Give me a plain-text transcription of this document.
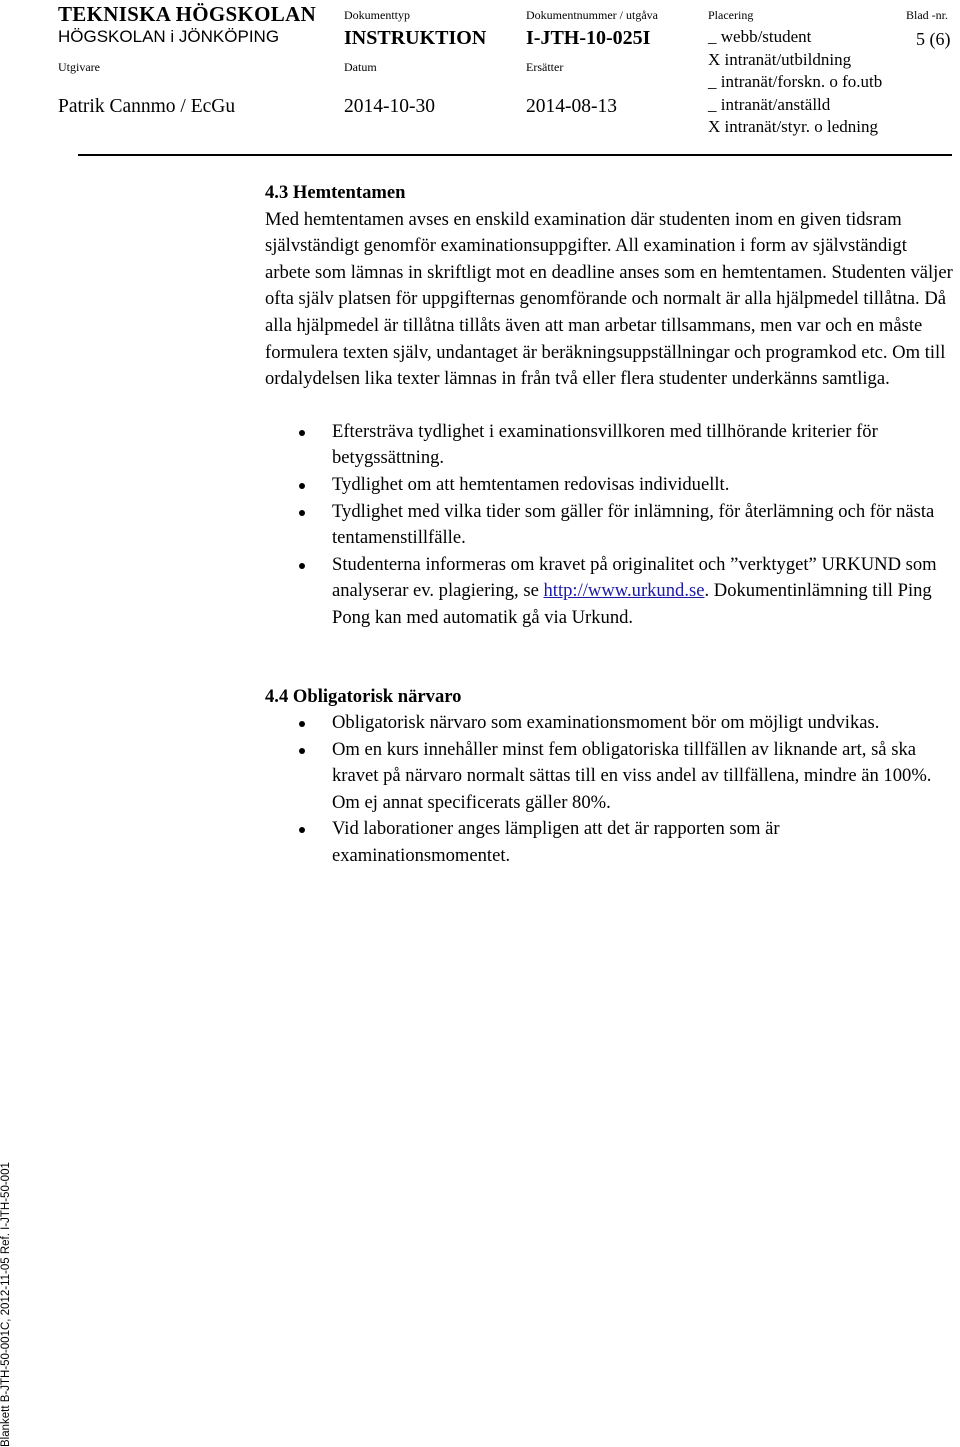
TEKNISKA HÖGSKOLAN
HÖGSKOLAN i JÖNKÖPING
Dokumenttyp
INSTRUKTION
Dokumentnummer / utgåva
I-JTH-10-025I
Placering
_ webb/student
X intranät/utbildning
_ intranät/forskn. o fo.utb
_ intranät/anställd
X intranät/styr. o ledning
Blad -nr.
5 (6)
Utgivare
Patrik Cannmo / EcGu
Datum
2014-10-30
Ersätter
2014-08-13
4.3 Hemtentamen

Med hemtentamen avses en enskild examination där studenten inom en given tidsram självständigt genomför examinationsuppgifter. All examination i form av självständigt arbete som lämnas in skriftligt mot en deadline anses som en hemtentamen. Studenten väljer ofta själv platsen för uppgifternas genomförande och normalt är alla hjälpmedel tillåtna. Då alla hjälpmedel är tillåtna tillåts även att man arbetar tillsammans, men var och en måste formulera texten själv, undantaget är beräkningsuppställningar och programkod etc. Om till ordalydelsen lika texter lämnas in från två eller flera studenter underkänns samtliga.

Eftersträva tydlighet i examinationsvillkoren med tillhörande kriterier för betygssättning.
Tydlighet om att hemtentamen redovisas individuellt.
Tydlighet med vilka tider som gäller för inlämning, för återlämning och för nästa tentamenstillfälle.
Studenterna informeras om kravet på originalitet och ”verktyget” URKUND som analyserar ev. plagiering, se http://www.urkund.se. Dokumentinlämning till Ping Pong kan med automatik gå via Urkund.
4.4 Obligatorisk närvaro
Obligatorisk närvaro som examinationsmoment bör om möjligt undvikas.
Om en kurs innehåller minst fem obligatoriska tillfällen av liknande art, så ska kravet på närvaro normalt sättas till en viss andel av tillfällena, mindre än 100%. Om ej annat specificerats gäller 80%.
Vid laborationer anges lämpligen att det är rapporten som är examinationsmomentet.
Blankett B-JTH-50-001C, 2012-11-05 Ref. I-JTH-50-001
